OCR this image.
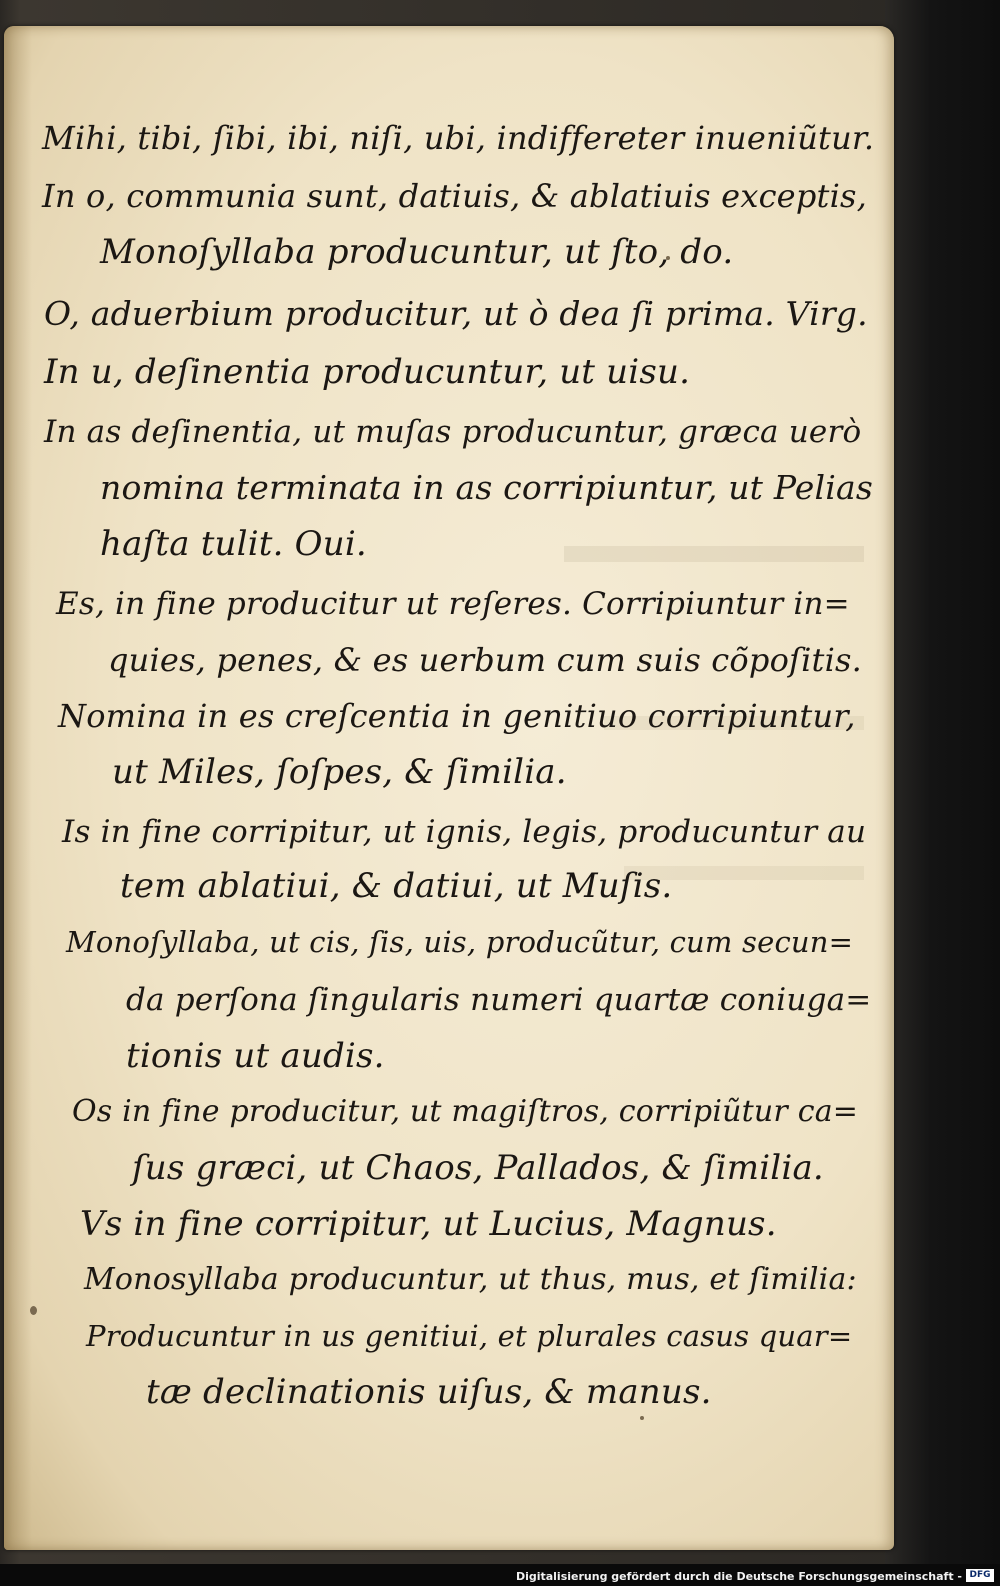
Mihi, tibi, ſibi, ibi, niſi, ubi, indiffereter inueniũtur.
In o, communia sunt, datiuis, & ablatiuis exceptis,
Monoſyllaba producuntur, ut ſto, do.
O, aduerbium producitur, ut ò dea ſi prima. Virg.
In u, deſinentia producuntur, ut uisu.
In as deſinentia, ut muſas producuntur, græca uerò
nomina terminata in as corripiuntur, ut Pelias
haſta tulit. Oui.
Es, in fine producitur ut reſeres. Corripiuntur in=
quies, penes, & es uerbum cum suis cõpoſitis.
Nomina in es creſcentia in genitiuo corripiuntur,
ut Miles, ſoſpes, & ſimilia.
Is in fine corripitur, ut ignis, legis, producuntur au
tem ablatiui, & datiui, ut Muſis.
Monoſyllaba, ut cis, ſis, uis, producũtur, cum secun=
da perſona ſingularis numeri quartæ coniuga=
tionis ut audis.
Os in fine producitur, ut magiſtros, corripiũtur ca=
ſus græci, ut Chaos, Pallados, & ſimilia.
Vs in fine corripitur, ut Lucius, Magnus.
Monosyllaba producuntur, ut thus, mus, et ſimilia:
Producuntur in us genitiui, et plurales casus quar=
tæ declinationis uiſus, & manus.
Digitalisierung gefördert durch die Deutsche Forschungsgemeinschaft - DFG
